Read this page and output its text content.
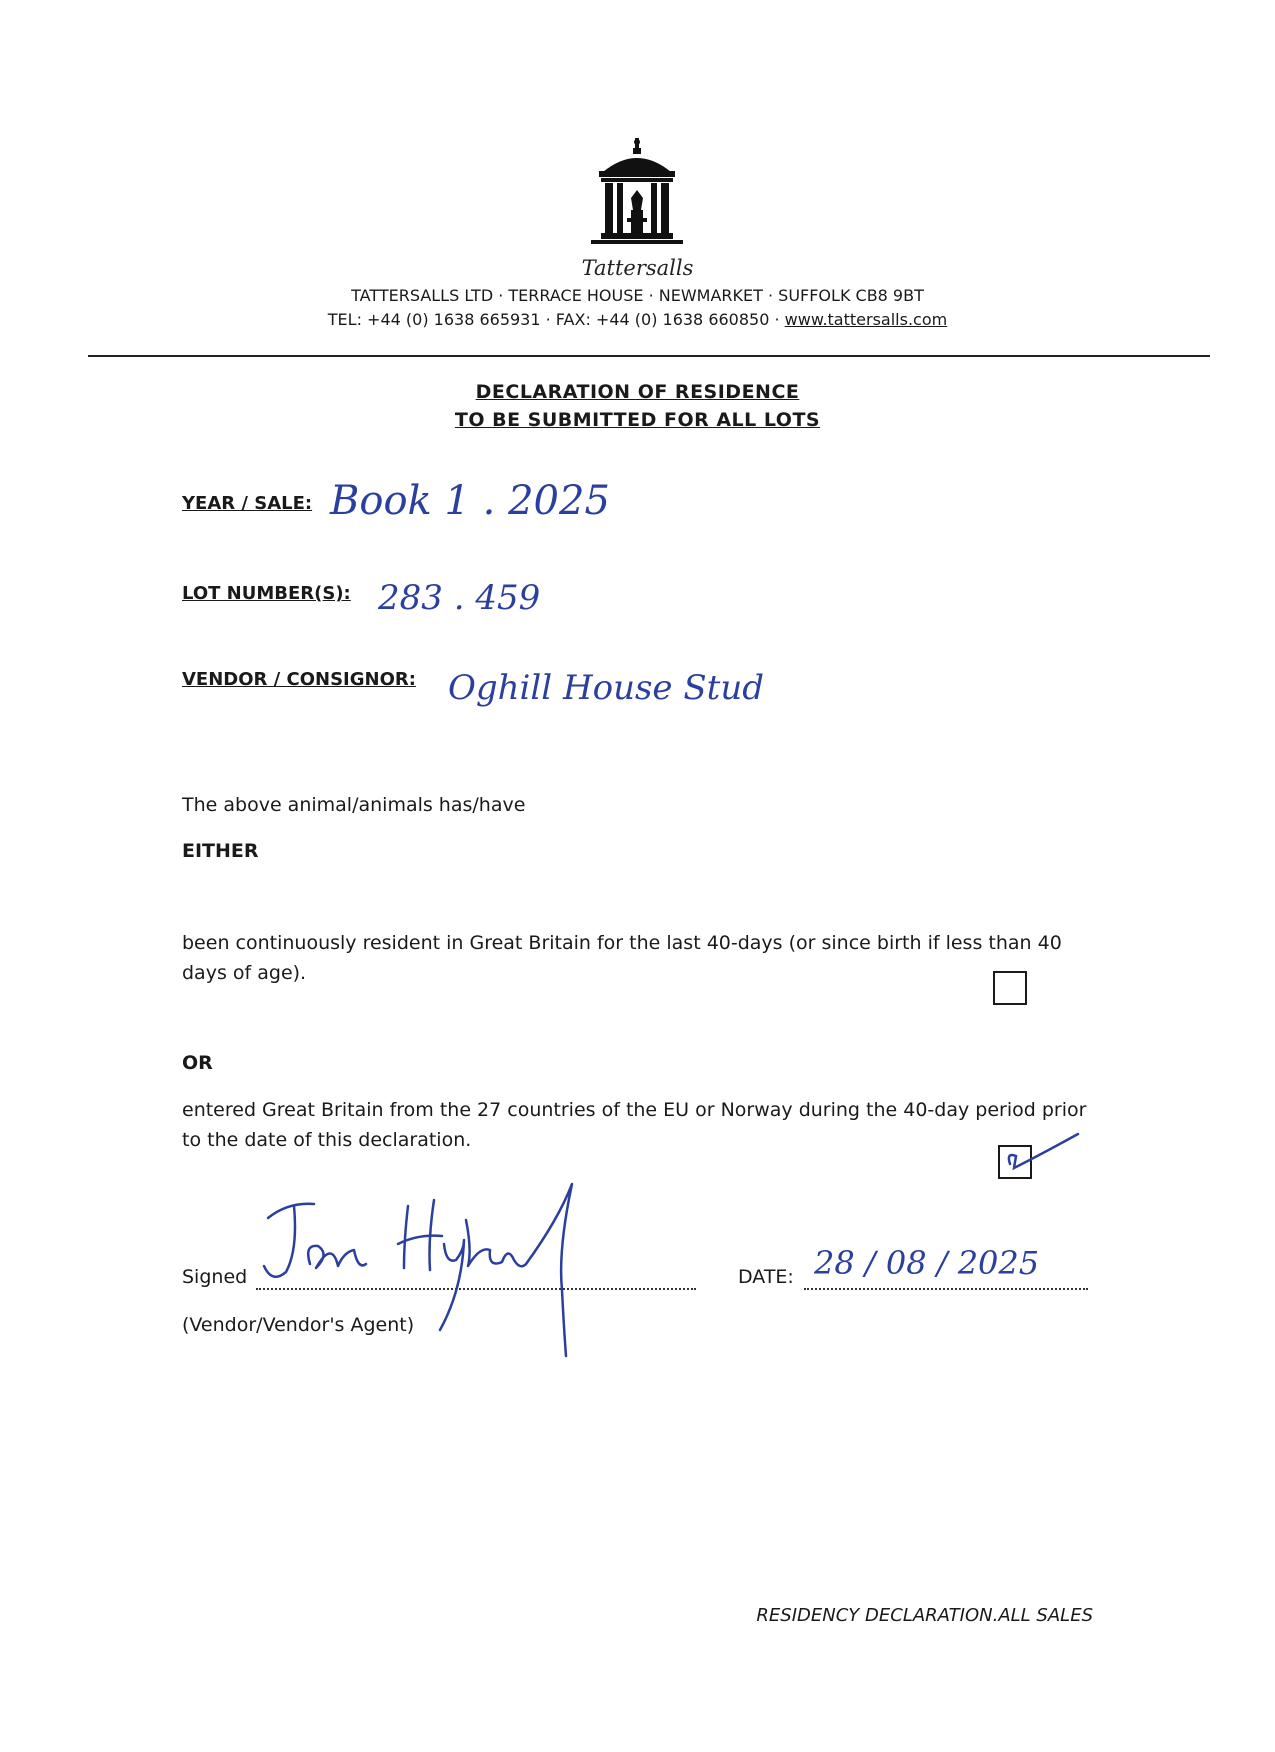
Tattersalls
TATTERSALLS LTD · TERRACE HOUSE · NEWMARKET · SUFFOLK CB8 9BT
TEL: +44 (0) 1638 665931 · FAX: +44 (0) 1638 660850 · www.tattersalls.com
DECLARATION OF RESIDENCE
TO BE SUBMITTED FOR ALL LOTS
YEAR / SALE: Book 1 . 2025
LOT NUMBER(S): 283 . 459
VENDOR / CONSIGNOR: Oghill House Stud
The above animal/animals has/have
EITHER
been continuously resident in Great Britain for the last 40-days (or since birth if less than 40 days of age).
OR
entered Great Britain from the 27 countries of the EU or Norway during the 40-day period prior to the date of this declaration.
Signed	DATE: 28 / 08 / 2025
(Vendor/Vendor's Agent)
RESIDENCY DECLARATION.ALL SALES
